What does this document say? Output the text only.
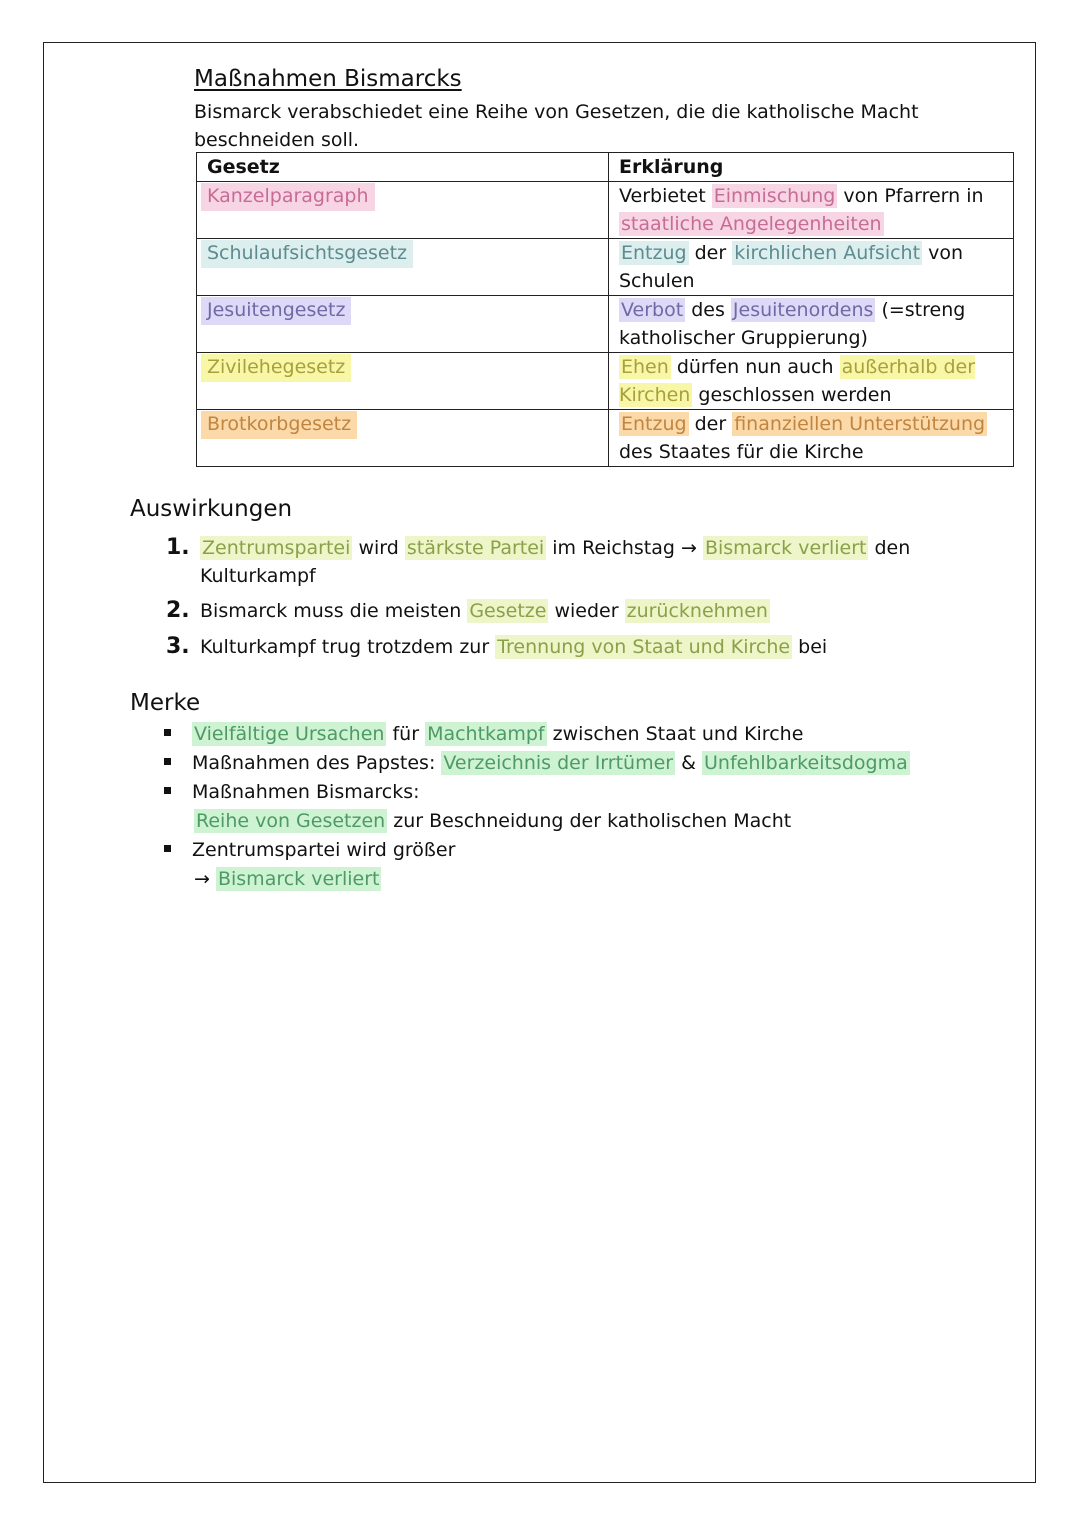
Maßnahmen Bismarcks
Bismarck verabschiedet eine Reihe von Gesetzen, die die katholische Macht beschneiden soll.
Gesetz	Erklärung
Kanzelparagraph	Verbietet Einmischung von Pfarrern in staatliche Angelegenheiten
Schulaufsichtsgesetz	Entzug der kirchlichen Aufsicht von Schulen
Jesuitengesetz	Verbot des Jesuitenordens (=streng katholischer Gruppierung)
Zivilehegesetz	Ehen dürfen nun auch außerhalb der Kirchen geschlossen werden
Brotkorbgesetz	Entzug der finanziellen Unterstützung des Staates für die Kirche
Auswirkungen
1. Zentrumspartei wird stärkste Partei im Reichstag → Bismarck verliert den Kulturkampf
2. Bismarck muss die meisten Gesetze wieder zurücknehmen
3. Kulturkampf trug trotzdem zur Trennung von Staat und Kirche bei
Merke
Vielfältige Ursachen für Machtkampf zwischen Staat und Kirche
Maßnahmen des Papstes: Verzeichnis der Irrtümer & Unfehlbarkeitsdogma
Maßnahmen Bismarcks:
Reihe von Gesetzen zur Beschneidung der katholischen Macht
Zentrumspartei wird größer
→ Bismarck verliert
